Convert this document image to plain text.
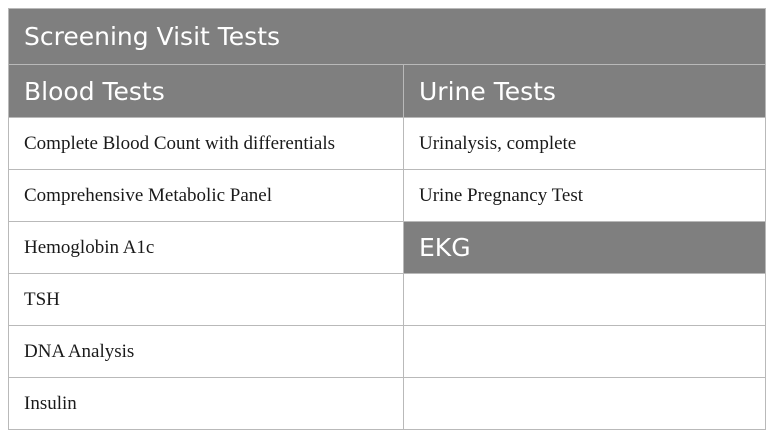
Screening Visit Tests	
Blood Tests	Urine Tests
Complete Blood Count with differentials	Urinalysis, complete
Comprehensive Metabolic Panel	Urine Pregnancy Test
Hemoglobin A1c	EKG
TSH	
DNA Analysis	
Insulin	
